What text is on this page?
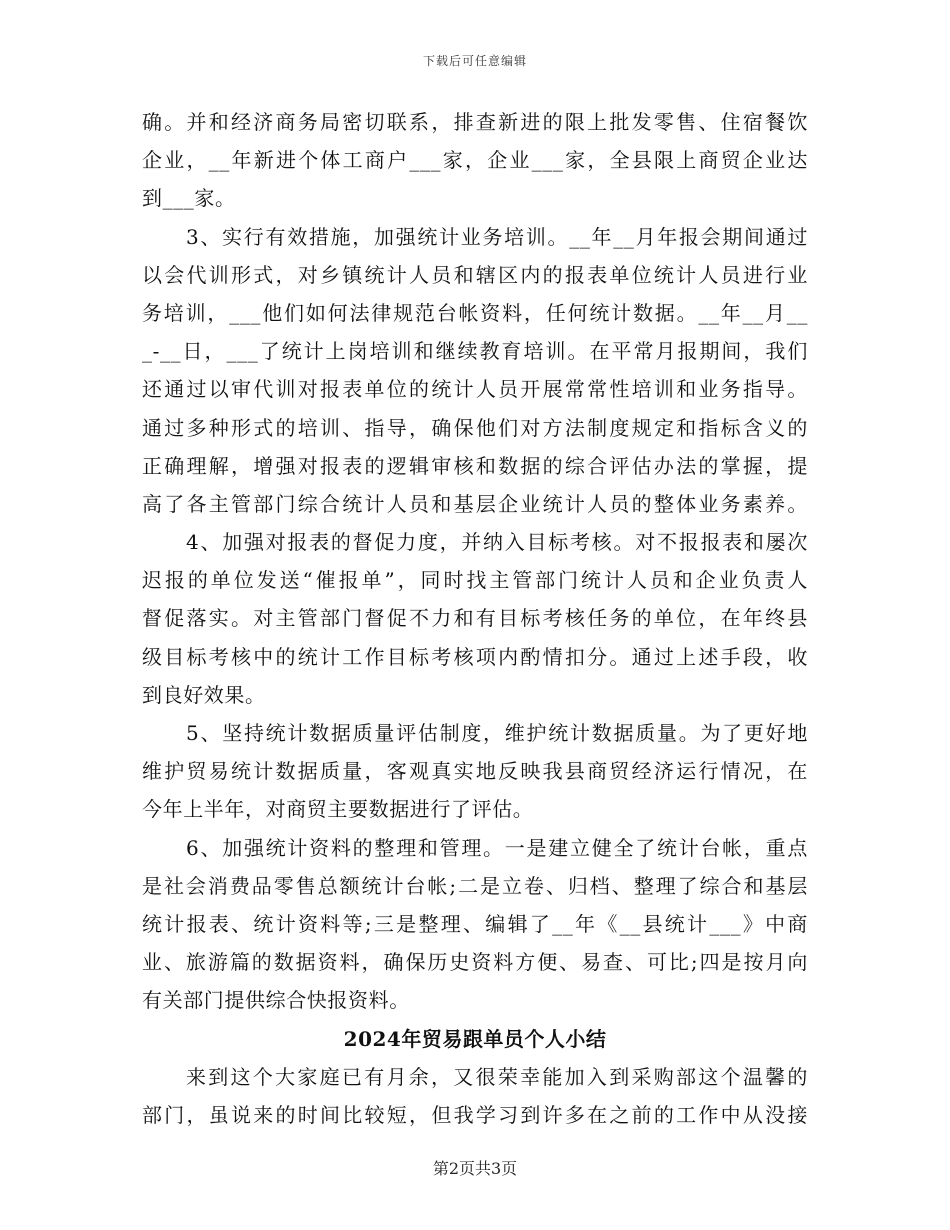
下载后可任意编辑
确。并和经济商务局密切联系，排查新进的限上批发零售、住宿餐饮
企业，__年新进个体工商户___家，企业___家，全县限上商贸企业达
到___家。
3、实行有效措施，加强统计业务培训。__年__月年报会期间通过
以会代训形式，对乡镇统计人员和辖区内的报表单位统计人员进行业
务培训，___他们如何法律规范台帐资料，任何统计数据。__年__月__
_-__日，___了统计上岗培训和继续教育培训。在平常月报期间，我们
还通过以审代训对报表单位的统计人员开展常常性培训和业务指导。
通过多种形式的培训、指导，确保他们对方法制度规定和指标含义的
正确理解，增强对报表的逻辑审核和数据的综合评估办法的掌握，提
高了各主管部门综合统计人员和基层企业统计人员的整体业务素养。
4、加强对报表的督促力度，并纳入目标考核。对不报报表和屡次
迟报的单位发送“催报单”，同时找主管部门统计人员和企业负责人
督促落实。对主管部门督促不力和有目标考核任务的单位，在年终县
级目标考核中的统计工作目标考核项内酌情扣分。通过上述手段，收
到良好效果。
5、坚持统计数据质量评估制度，维护统计数据质量。为了更好地
维护贸易统计数据质量，客观真实地反映我县商贸经济运行情况，在
今年上半年，对商贸主要数据进行了评估。
6、加强统计资料的整理和管理。一是建立健全了统计台帐，重点
是社会消费品零售总额统计台帐;二是立卷、归档、整理了综合和基层
统计报表、统计资料等;三是整理、编辑了__年《__县统计___》中商
业、旅游篇的数据资料，确保历史资料方便、易查、可比;四是按月向
有关部门提供综合快报资料。
2024年贸易跟单员个人小结
来到这个大家庭已有月余，又很荣幸能加入到采购部这个温馨的
部门，虽说来的时间比较短，但我学习到许多在之前的工作中从没接
第2页共3页
